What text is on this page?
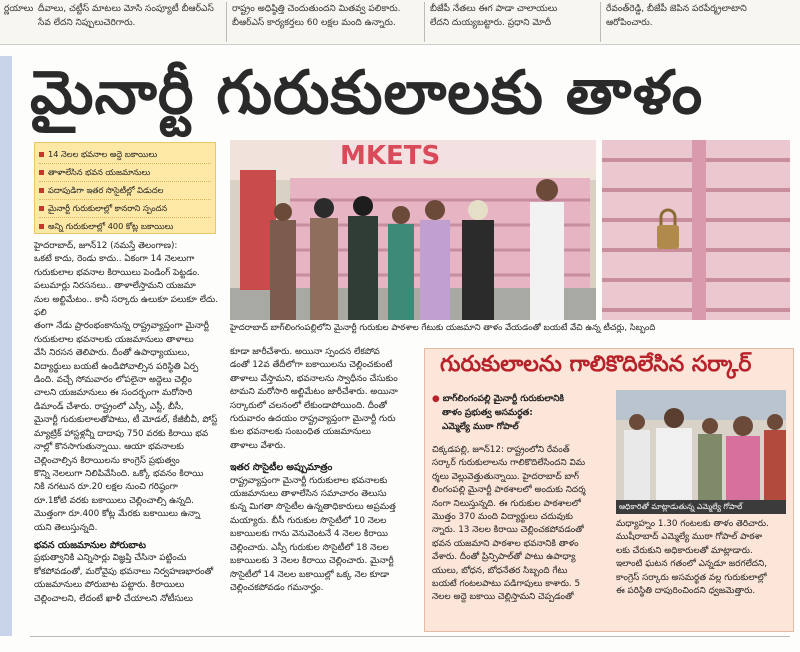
ర్ణయాలు దీవాలు, చట్టీస్ మాటలు మోసి సంప్యూటీ బీఆర్ఎస్
సేవ లేదని నిప్పులుచెరిగారు.
రాష్ట్రం అధిష్ఠిత్తి చెందుతుందని మితవ్వ పలికారు.
బీఆర్ఎస్ కార్యకర్తలు 60 లక్షల మంది ఉన్నారు.
బీజేపీ నేతలు ఈగ పాడా చాలాయలు
లేదని దుయ్యబట్టారు. ప్రధాని మోదీ
రేవంత్‌రెడ్డి, బీజేపీ జెపిన పరపేర్మ్రలాటాని
ఆరోపించారు.
మైనార్టీ గురుకులాలకు తాళం
14 నెలల భవనాల అద్దె బకాయిలు
తాళాలేసిన భవన యజమానులు
పదాపుడిగా ఇతర సొసైటీల్లో విడుదల
మైనార్టీ గురుకులాల్లో కానరాని స్పందన
అన్ని గురుకులాల్లో 400 కోట్ల బకాయిలు
MKETS
హైదరాబాద్ బాగ్‌లింగంపల్లిలోని మైనార్టీ గురుకుల పాఠశాల గేటుకు యజమాని తాళం వేయడంతో బయటే వేచి ఉన్న టీచర్లు, సిబ్బంది
హైదరాబాద్, జూన్12 (నమస్తే తెలంగాణ):
ఒకటే కాదు, రెండు కాదు.. ఏకంగా 14 నెలలుగా
గురుకులాల భవనాల కిరాయిలు పెండింగ్ పెట్టడం.
పలుమార్లు నిరసనలు.. తాళాలేస్తామని యజమా
నుల అల్టిమేటం.. కానీ సర్కారు ఉలుకూ పలుకూ లేదు. ఫలి
తంగా నేడు ప్రారంభంకానున్న రాష్ట్రవ్యాప్తంగా మైనార్టీ
గురుకులాల భవనాలకు యజమానులు తాళాలు
వేసి నిరసన తెలిపారు. దీంతో ఉపాధ్యాయులు,
విద్యార్థులు బయటే ఉండిపోవాల్సిన పరిస్థితి ఏర్ప
డింది. వచ్చే సోమవారం లోపలైనా అద్దెలు చెల్లిం
చాలని యజమానులు ఈ సందర్భంగా మరోసారి
డిమాండ్ చేశారు. రాష్ట్రంలో ఎస్సీ, ఎస్టీ, బీసీ,
మైనార్టీ గురుకులాలతోపాటు, టీ మోడల్, కేజీబీవీ, పోస్ట్
మ్యాట్రిక్ హాస్టళ్లన్నీ దాదాపు 750 వరకు కిరాయి భవ
నాల్లో కొనసాగుతున్నాయి. ఆయా భవనాలకు
చెల్లించాల్సిన కిరాయిలను కాంగ్రెస్ ప్రభుత్వం
కొన్ని నెలలుగా నిలిపివేసింది. ఒక్కో భవనం కిరాయి
నికి నగటున రూ.20 లక్షల నుంచి గరిష్ఠంగా
రూ.1కోటి వరకు బకాయిలు చెల్లించాల్సి ఉన్నది.
మొత్తంగా రూ.400 కోట్ల మేరకు బకాయిలు ఉన్నా
యని తెలుస్తున్నది.
భవన యజమానుల పోరుబాట
ప్రభుత్వానికి ఎన్నిసార్లు విజ్ఞప్తి చేసినా పట్టించు
కోకపోవడంతో, మరోవైపు భవనాలు నిర్వహణభారంతో
యజమానులు పోరుబాట పట్టారు. కిరాయిలు
చెల్లించాలని, లేదంటే ఖాళీ చేయాలని నోటీసులు
కూడా జారీచేశారు. అయినా స్పందన లేకపోవ
డంతో 12వ తేదీలోగా బకాయిలను చెల్లించకుంటే
తాళాలు వేస్తామని, భవనాలను స్వాధీనం చేసుకుం
టామని మరోసారి అల్టిమేటం జారీచేశారు. అయినా
సర్కారులో చలనంలో లేకుండాపోయింది. దీంతో
గురువారం ఉదయం రాష్ట్రవ్యాప్తంగా మైనార్టీ గురు
కుల భవనాలకు సంబంధిత యజమానులు
తాళాలు వేశారు.
ఇతర సొసైటీల అప్పుమాత్రం
రాష్ట్రవ్యాప్తంగా మైనార్టీ గురుకులాల భవనాలకు
యజమానులు తాళాలేసిన సమాచారం తెలుసు
కున్న మిగతా సొసైటీల ఉన్నతాధికారులు అప్రమత్త
మయ్యారు. బీసీ గురుకుల సొసైటీలో 10 నెలల
బకాయిలకు గాను వెనువెంటనే 4 నెలల కిరాయి
చెల్లించారు. ఎస్సీ గురుకుల సొసైటీలో 18 నెలల
బకాయిలకు 3 నెలల కిరాయి చెల్లించారు. మైనార్టీ
సొసైటీలో 14 నెలల బకాయిల్లో ఒక్క నెల కూడా
చెల్లించకపోవడం గమనార్హం.
గురుకులాలను గాలికొదిలేసిన సర్కార్
● బాగ్‌లింగంపల్లి మైనార్టీ గురుకులానికి
తాళం ప్రభుత్వ అసమర్థత:
ఎమ్మెల్యే ముఠా గోపాల్
ఆధికారితో మాట్లాడుతున్న ఎమ్మెల్యే గోపాల్
చిక్కడపల్లి, జూన్12: రాష్ట్రంలోని రేవంత్
సర్కార్ గురుకులాలను గాలికొదిలేసిందని విమ
ర్శలు వెల్లువెత్తుతున్నాయి. హైదరాబాద్ బాగ్
లింగంపల్లి మైనార్టీ పాఠశాలలో అందుకు నిదర్శ
నంగా నిలుస్తున్నది. ఈ గురుకుల పాఠశాలలో
మొత్తం 370 మంది విద్యార్థులు చదువుకు
న్నారు. 13 నెలల కిరాయి చెల్లించకపోవడంతో
భవన యజమాని పాఠశాల భవనానికి తాళం
వేశారు. దీంతో ప్రిన్సిపాల్‌తో పాటు ఉపాధ్యా
యులు, బోధన, బోధనేతర సిబ్బంది గేటు
బయటే గంటలపాటు పడిగాపులు కాశారు. 5
నెలల అద్దె బకాయి చెల్లిస్తామని చెప్పడంతో
మధ్యాహ్నం 1.30 గంటలకు తాళం తెరిచారు.
ముషీరాబాద్ ఎమ్మెల్యే ముఠా గోపాల్ పాఠశా
లకు చేరుకుని అధికారులతో మాట్లాడారు.
ఇలాంటి ఘటన గతంలో ఎన్నడూ జరగలేదని,
కాంగ్రెస్ సర్కారు అసమర్థత వల్ల గురుకులాల్లో
ఈ పరిస్థితి దాపురించిందని ధ్వజమెత్తారు.
